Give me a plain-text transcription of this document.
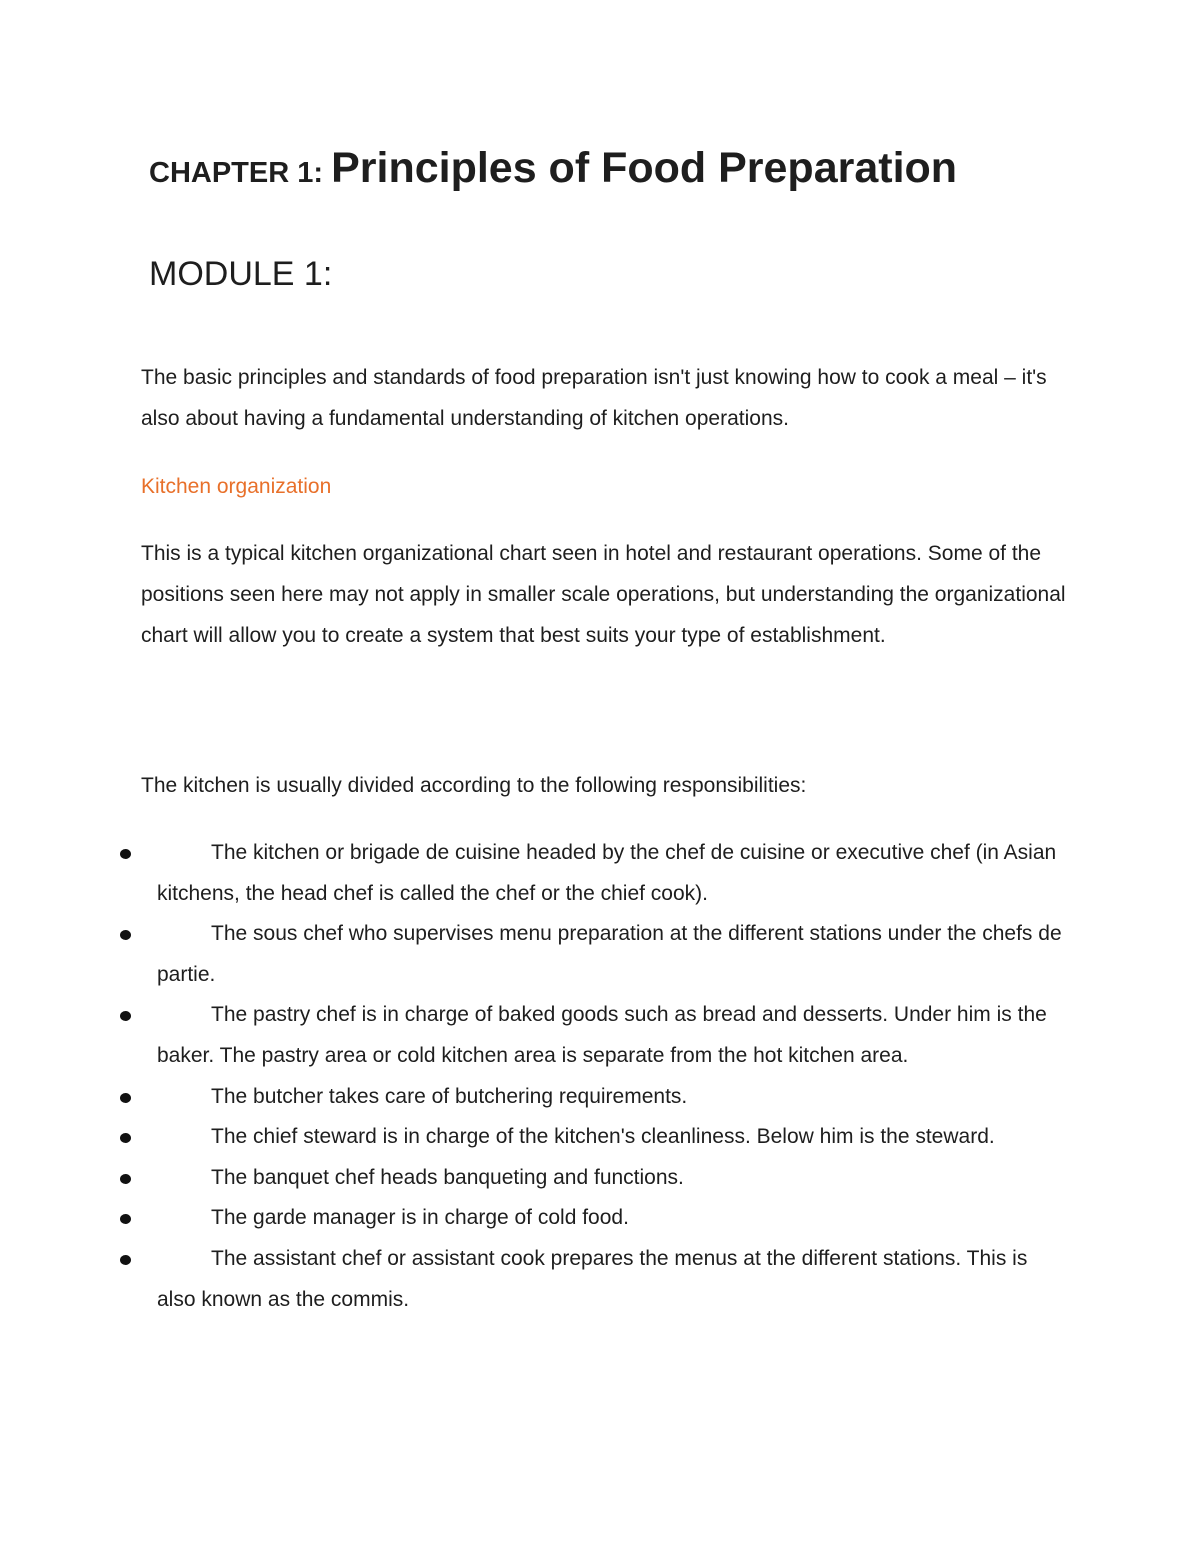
CHAPTER 1: Principles of Food Preparation
MODULE 1:

The basic principles and standards of food preparation isn't just knowing how to cook a meal – it's also about having a fundamental understanding of kitchen operations.

Kitchen organization

This is a typical kitchen organizational chart seen in hotel and restaurant operations. Some of the positions seen here may not apply in smaller scale operations, but understanding the organizational chart will allow you to create a system that best suits your type of establishment.

The kitchen is usually divided according to the following responsibilities:

The kitchen or brigade de cuisine headed by the chef de cuisine or executive chef (in Asian kitchens, the head chef is called the chef or the chief cook).
The sous chef who supervises menu preparation at the different stations under the chefs de partie.
The pastry chef is in charge of baked goods such as bread and desserts. Under him is the baker. The pastry area or cold kitchen area is separate from the hot kitchen area.
The butcher takes care of butchering requirements.
The chief steward is in charge of the kitchen's cleanliness. Below him is the steward.
The banquet chef heads banqueting and functions.
The garde manager is in charge of cold food.
The assistant chef or assistant cook prepares the menus at the different stations. This is also known as the commis.
